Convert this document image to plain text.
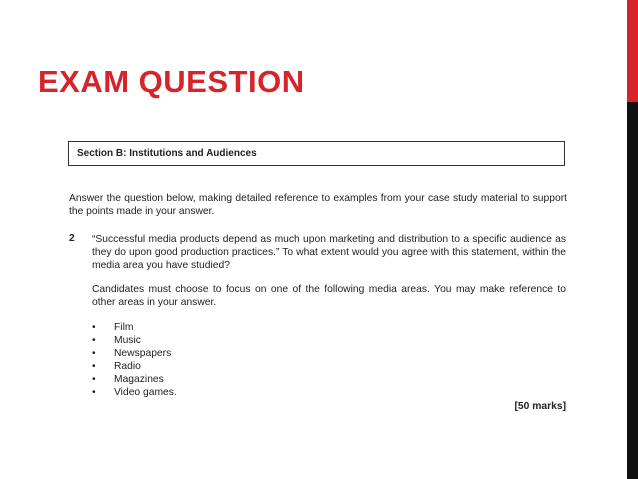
EXAM QUESTION
Section B: Institutions and Audiences
Answer the question below, making detailed reference to examples from your case study material to support the points made in your answer.
2 “Successful media products depend as much upon marketing and distribution to a specific audience as they do upon good production practices.” To what extent would you agree with this statement, within the media area you have studied?
Candidates must choose to focus on one of the following media areas. You may make reference to other areas in your answer.
• Film
• Music
• Newspapers
• Radio
• Magazines
• Video games.
[50 marks]
